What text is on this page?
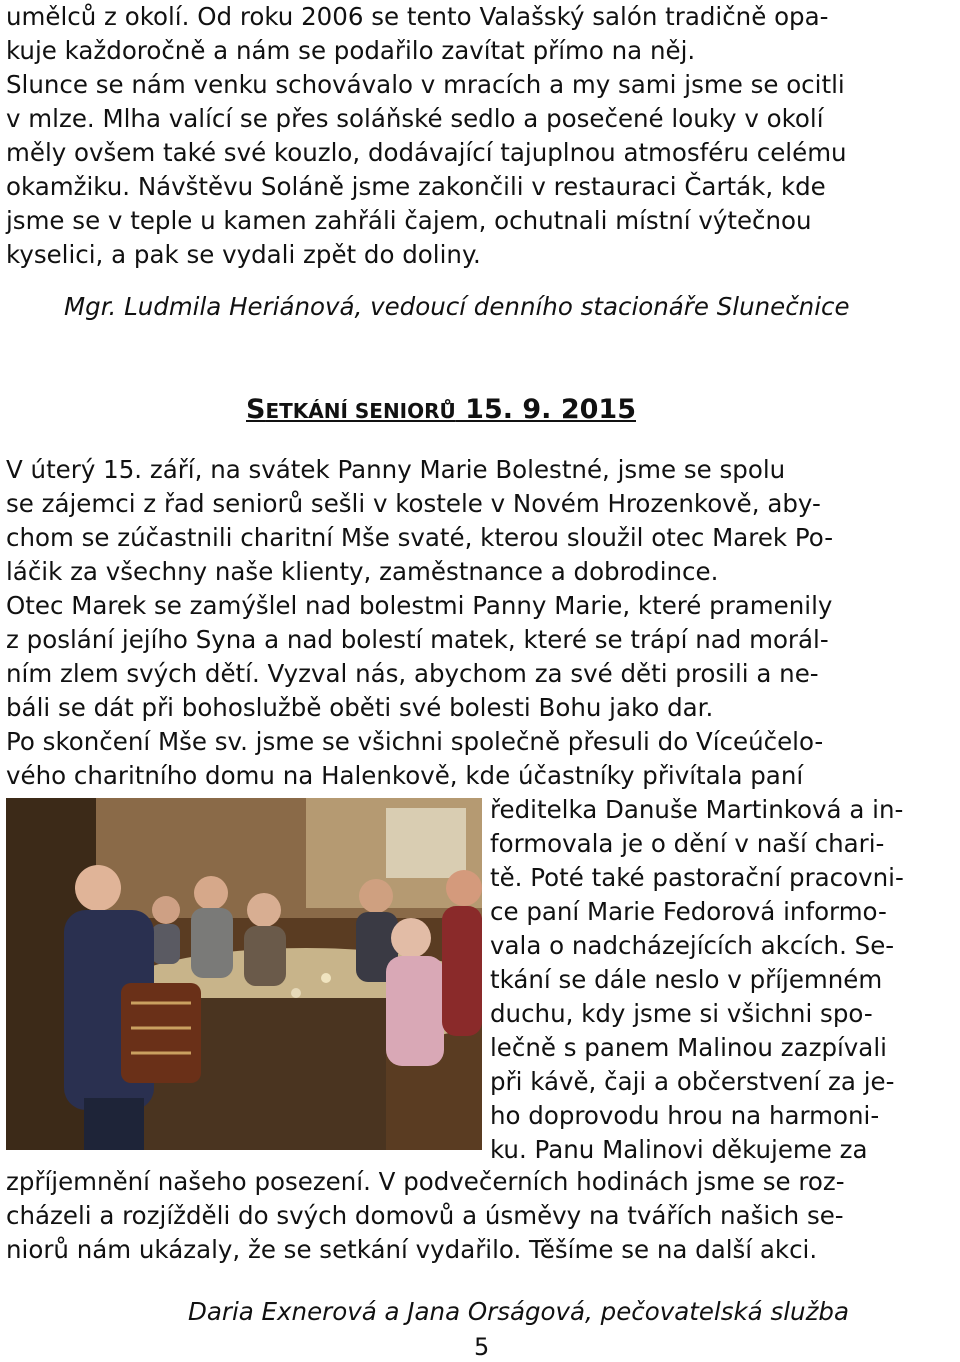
umělců z okolí. Od roku 2006 se tento Valašský salón tradičně opa-
kuje každoročně a nám se podařilo zavítat přímo na něj.
Slunce se nám venku schovávalo v mracích a my sami jsme se ocitli
v mlze. Mlha valící se přes soláňské sedlo a posečené louky v okolí
měly ovšem také své kouzlo, dodávající tajuplnou atmosféru celému
okamžiku. Návštěvu Soláně jsme zakončili v restauraci Čarták, kde
jsme se v teple u kamen zahřáli čajem, ochutnali místní výtečnou
kyselici, a pak se vydali zpět do doliny.
Mgr. Ludmila Heriánová, vedoucí denního stacionáře Slunečnice
SETKÁNÍ SENIORŮ 15. 9. 2015
V úterý 15. září, na svátek Panny Marie Bolestné, jsme se spolu
se zájemci z řad seniorů sešli v kostele v Novém Hrozenkově, aby-
chom se zúčastnili charitní Mše svaté, kterou sloužil otec Marek Po-
láčik za všechny naše klienty, zaměstnance a dobrodince.
Otec Marek se zamýšlel nad bolestmi Panny Marie, které pramenily
z poslání jejího Syna a nad bolestí matek, které se trápí nad morál-
ním zlem svých dětí. Vyzval nás, abychom za své děti prosili a ne-
báli se dát při bohoslužbě oběti své bolesti Bohu jako dar.
Po skončení Mše sv. jsme se všichni společně přesuli do Víceúčelo-
vého charitního domu na Halenkově, kde účastníky přivítala paní
ředitelka Danuše Martinková a in-
formovala je o dění v naší chari-
tě. Poté také pastorační pracovni-
ce paní Marie Fedorová informo-
vala o nadcházejících akcích. Se-
tkání se dále neslo v příjemném
duchu, kdy jsme si všichni spo-
lečně s panem Malinou zazpívali
při kávě, čaji a občerstvení za je-
ho doprovodu hrou na harmoni-
ku. Panu Malinovi děkujeme za
zpříjemnění našeho posezení. V podvečerních hodinách jsme se roz-
cházeli a rozjížděli do svých domovů a úsměvy na tvářích našich se-
niorů nám ukázaly, že se setkání vydařilo. Těšíme se na další akci.
Daria Exnerová a Jana Orságová, pečovatelská služba
5
